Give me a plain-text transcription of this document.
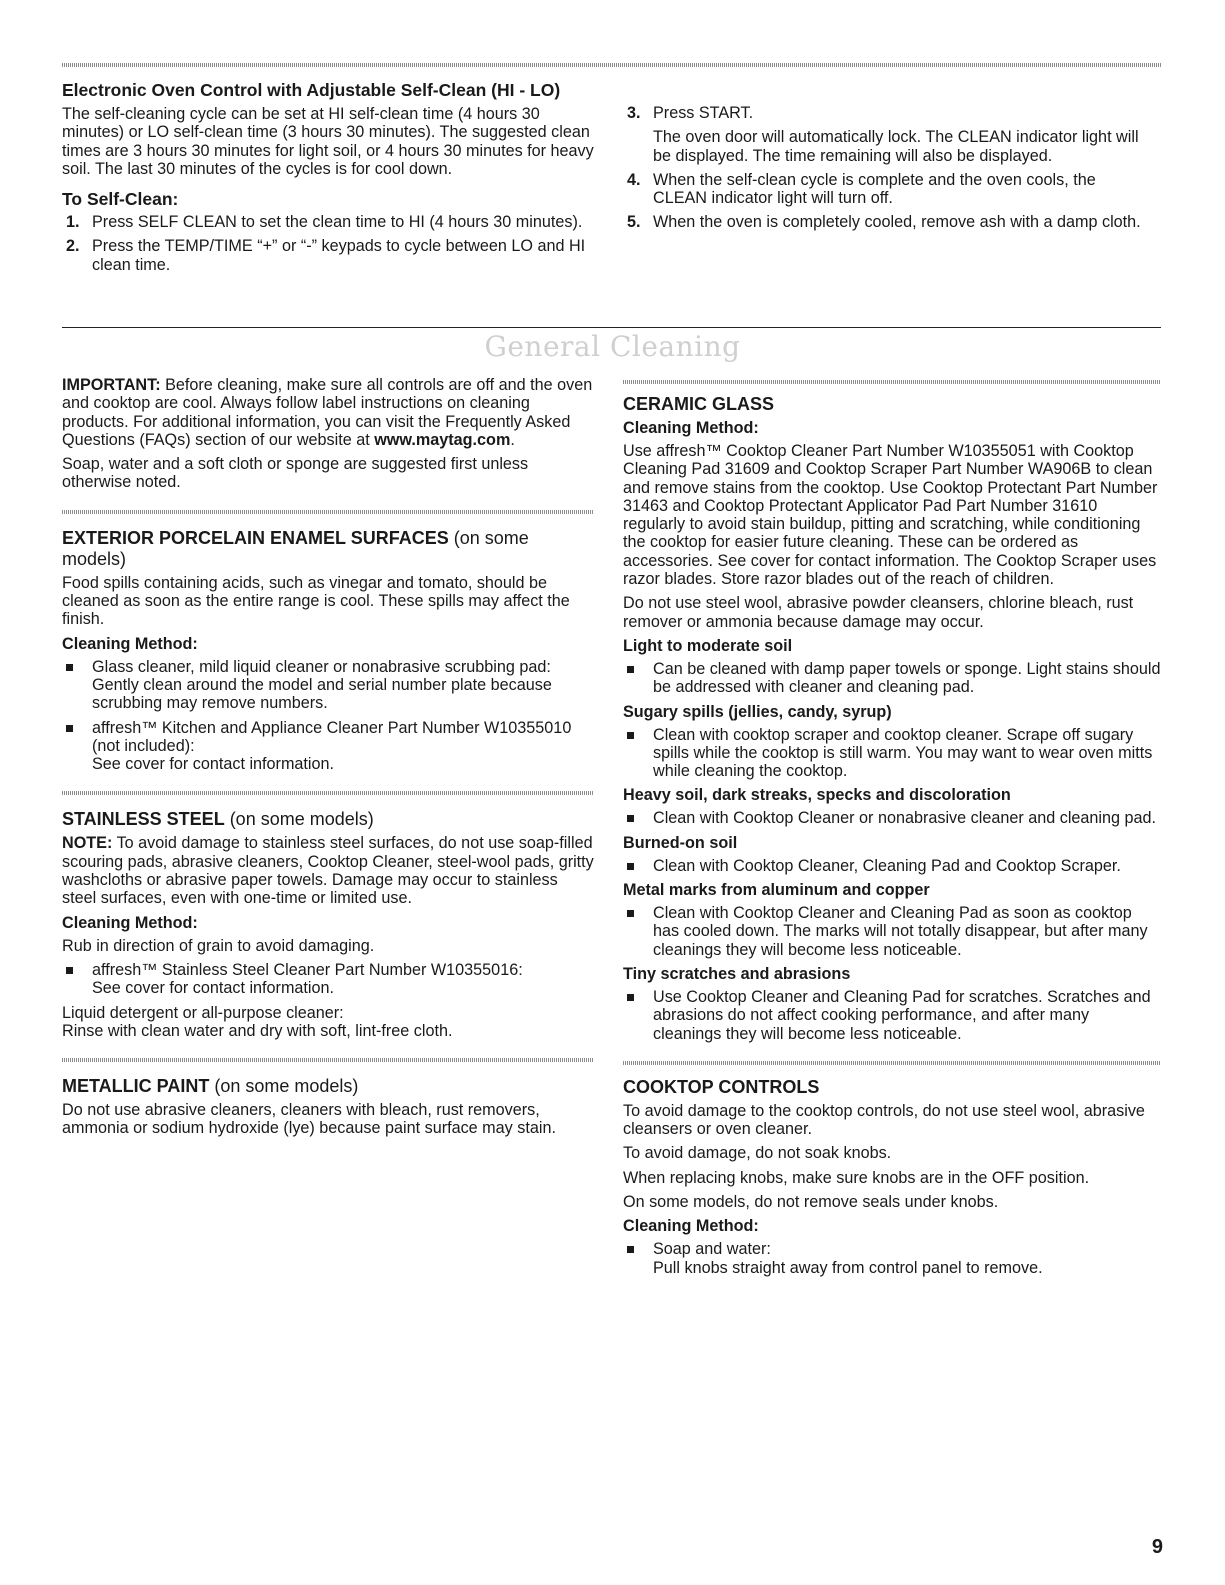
Electronic Oven Control with Adjustable Self-Clean (HI - LO)

The self-cleaning cycle can be set at HI self-clean time (4 hours 30 minutes) or LO self-clean time (3 hours 30 minutes). The suggested clean times are 3 hours 30 minutes for light soil, or 4 hours 30 minutes for heavy soil. The last 30 minutes of the cycles is for cool down.

To Self-Clean:
1. Press SELF CLEAN to set the clean time to HI (4 hours 30 minutes).
2. Press the TEMP/TIME “+” or “-” keypads to cycle between LO and HI clean time.
3. Press START.
The oven door will automatically lock. The CLEAN indicator light will be displayed. The time remaining will also be displayed.
4. When the self-clean cycle is complete and the oven cools, the CLEAN indicator light will turn off.
5. When the oven is completely cooled, remove ash with a damp cloth.
General Cleaning

IMPORTANT: Before cleaning, make sure all controls are off and the oven and cooktop are cool. Always follow label instructions on cleaning products. For additional information, you can visit the Frequently Asked Questions (FAQs) section of our website at www.maytag.com.

Soap, water and a soft cloth or sponge are suggested first unless otherwise noted.

EXTERIOR PORCELAIN ENAMEL SURFACES (on some models)

Food spills containing acids, such as vinegar and tomato, should be cleaned as soon as the entire range is cool. These spills may affect the finish.

Cleaning Method:
Glass cleaner, mild liquid cleaner or nonabrasive scrubbing pad:
Gently clean around the model and serial number plate because scrubbing may remove numbers.
affresh™ Kitchen and Appliance Cleaner Part Number W10355010 (not included):
See cover for contact information.
STAINLESS STEEL (on some models)

NOTE: To avoid damage to stainless steel surfaces, do not use soap-filled scouring pads, abrasive cleaners, Cooktop Cleaner, steel-wool pads, gritty washcloths or abrasive paper towels. Damage may occur to stainless steel surfaces, even with one-time or limited use.

Cleaning Method:

Rub in direction of grain to avoid damaging.

affresh™ Stainless Steel Cleaner Part Number W10355016:
See cover for contact information.
Liquid detergent or all-purpose cleaner:

Rinse with clean water and dry with soft, lint-free cloth.

METALLIC PAINT (on some models)

Do not use abrasive cleaners, cleaners with bleach, rust removers, ammonia or sodium hydroxide (lye) because paint surface may stain.

CERAMIC GLASS
Cleaning Method:

Use affresh™ Cooktop Cleaner Part Number W10355051 with Cooktop Cleaning Pad 31609 and Cooktop Scraper Part Number WA906B to clean and remove stains from the cooktop. Use Cooktop Protectant Part Number 31463 and Cooktop Protectant Applicator Pad Part Number 31610 regularly to avoid stain buildup, pitting and scratching, while conditioning the cooktop for easier future cleaning. These can be ordered as accessories. See cover for contact information. The Cooktop Scraper uses razor blades. Store razor blades out of the reach of children.

Do not use steel wool, abrasive powder cleansers, chlorine bleach, rust remover or ammonia because damage may occur.

Light to moderate soil
Can be cleaned with damp paper towels or sponge. Light stains should be addressed with cleaner and cleaning pad.
Sugary spills (jellies, candy, syrup)
Clean with cooktop scraper and cooktop cleaner. Scrape off sugary spills while the cooktop is still warm. You may want to wear oven mitts while cleaning the cooktop.
Heavy soil, dark streaks, specks and discoloration
Clean with Cooktop Cleaner or nonabrasive cleaner and cleaning pad.
Burned-on soil
Clean with Cooktop Cleaner, Cleaning Pad and Cooktop Scraper.
Metal marks from aluminum and copper
Clean with Cooktop Cleaner and Cleaning Pad as soon as cooktop has cooled down. The marks will not totally disappear, but after many cleanings they will become less noticeable.
Tiny scratches and abrasions
Use Cooktop Cleaner and Cleaning Pad for scratches. Scratches and abrasions do not affect cooking performance, and after many cleanings they will become less noticeable.
COOKTOP CONTROLS

To avoid damage to the cooktop controls, do not use steel wool, abrasive cleansers or oven cleaner.

To avoid damage, do not soak knobs.

When replacing knobs, make sure knobs are in the OFF position.

On some models, do not remove seals under knobs.

Cleaning Method:
Soap and water:
Pull knobs straight away from control panel to remove.
9
